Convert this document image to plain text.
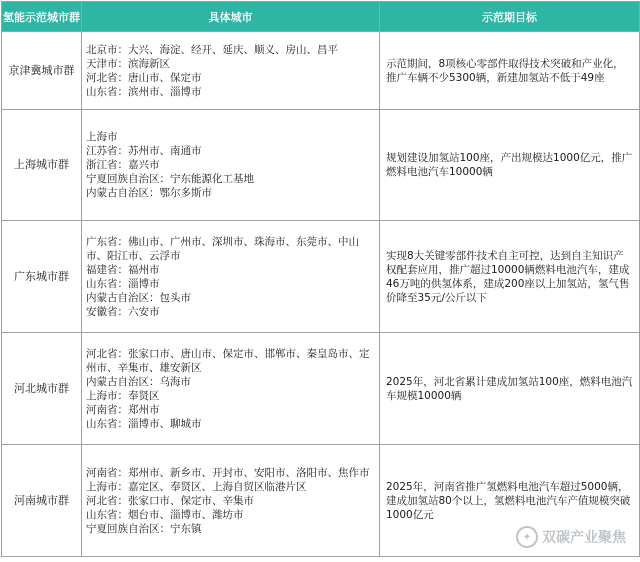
氢能示范城市群	具体城市	示范期目标
京津冀城市群	北京市：大兴、海淀、经开、延庆、顺义、房山、昌平
天津市：滨海新区
河北省：唐山市、保定市
山东省：滨州市、淄博市	示范期间，8项核心零部件取得技术突破和产业化，推广车辆不少5300辆，新建加氢站不低于49座
上海城市群	上海市
江苏省：苏州市、南通市
浙江省：嘉兴市
宁夏回族自治区：宁东能源化工基地
内蒙古自治区：鄂尔多斯市	规划建设加氢站100座，产出规模达1000亿元，推广燃料电池汽车10000辆
广东城市群	广东省：佛山市、广州市、深圳市、珠海市、东莞市、中山市、阳江市、云浮市
福建省：福州市
山东省：淄博市
内蒙古自治区：包头市
安徽省：六安市	实现8大关键零部件技术自主可控，达到自主知识产权配套应用，推广超过10000辆燃料电池汽车，建成46万吨的供氢体系，建成200座以上加氢站，氢气售价降至35元/公斤以下
河北城市群	河北省：张家口市、唐山市、保定市、邯郸市、秦皇岛市、定州市、辛集市、雄安新区
内蒙古自治区：乌海市
上海市：奉贤区
河南省：郑州市
山东省：淄博市、聊城市	2025年，河北省累计建成加氢站100座，燃料电池汽车规模10000辆
河南城市群	河南省：郑州市、新乡市、开封市、安阳市、洛阳市、焦作市
上海市：嘉定区、奉贤区、上海自贸区临港片区
河北省：张家口市、保定市、辛集市
山东省：烟台市、淄博市、潍坊市
宁夏回族自治区：宁东镇	2025年，河南省推广氢燃料电池汽车超过5000辆，建成加氢站80个以上，氢燃料电池汽车产值规模突破1000亿元
✦ 双碳产业聚焦
